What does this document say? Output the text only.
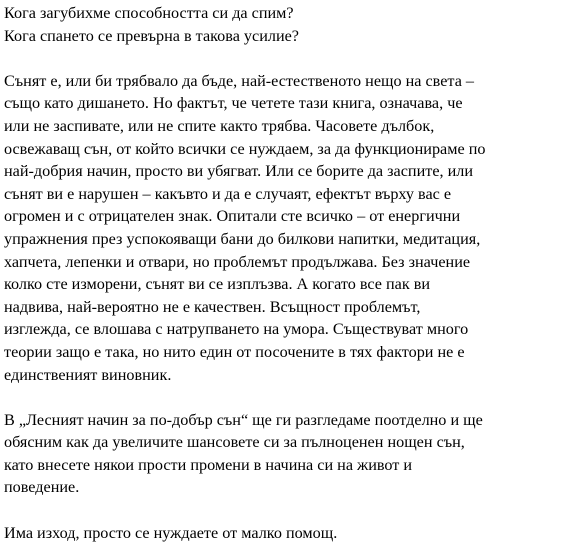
Кога загубихме способността си да спим?
Кога спането се превърна в такова усилие?
Сънят е, или би трябвало да бъде, най-естественото нещо на света –
също като дишането. Но фактът, че четете тази книга, означава, че
или не заспивате, или не спите както трябва. Часовете дълбок,
освежаващ сън, от който всички се нуждаем, за да функционираме по
най-добрия начин, просто ви убягват. Или се борите да заспите, или
сънят ви е нарушен – какъвто и да е случаят, ефектът върху вас е
огромен и с отрицателен знак. Опитали сте всичко – от енергични
упражнения през успокояващи бани до билкови напитки, медитация,
хапчета, лепенки и отвари, но проблемът продължава. Без значение
колко сте изморени, сънят ви се изплъзва. А когато все пак ви
надвива, най-вероятно не е качествен. Всъщност проблемът,
изглежда, се влошава с натрупването на умора. Съществуват много
теории защо е така, но нито един от посочените в тях фактори не е
единственият виновник.
В „Лесният начин за по-добър сън“ ще ги разгледаме поотделно и ще
обясним как да увеличите шансовете си за пълноценен нощен сън,
като внесете някои прости промени в начина си на живот и
поведение.
Има изход, просто се нуждаете от малко помощ.
